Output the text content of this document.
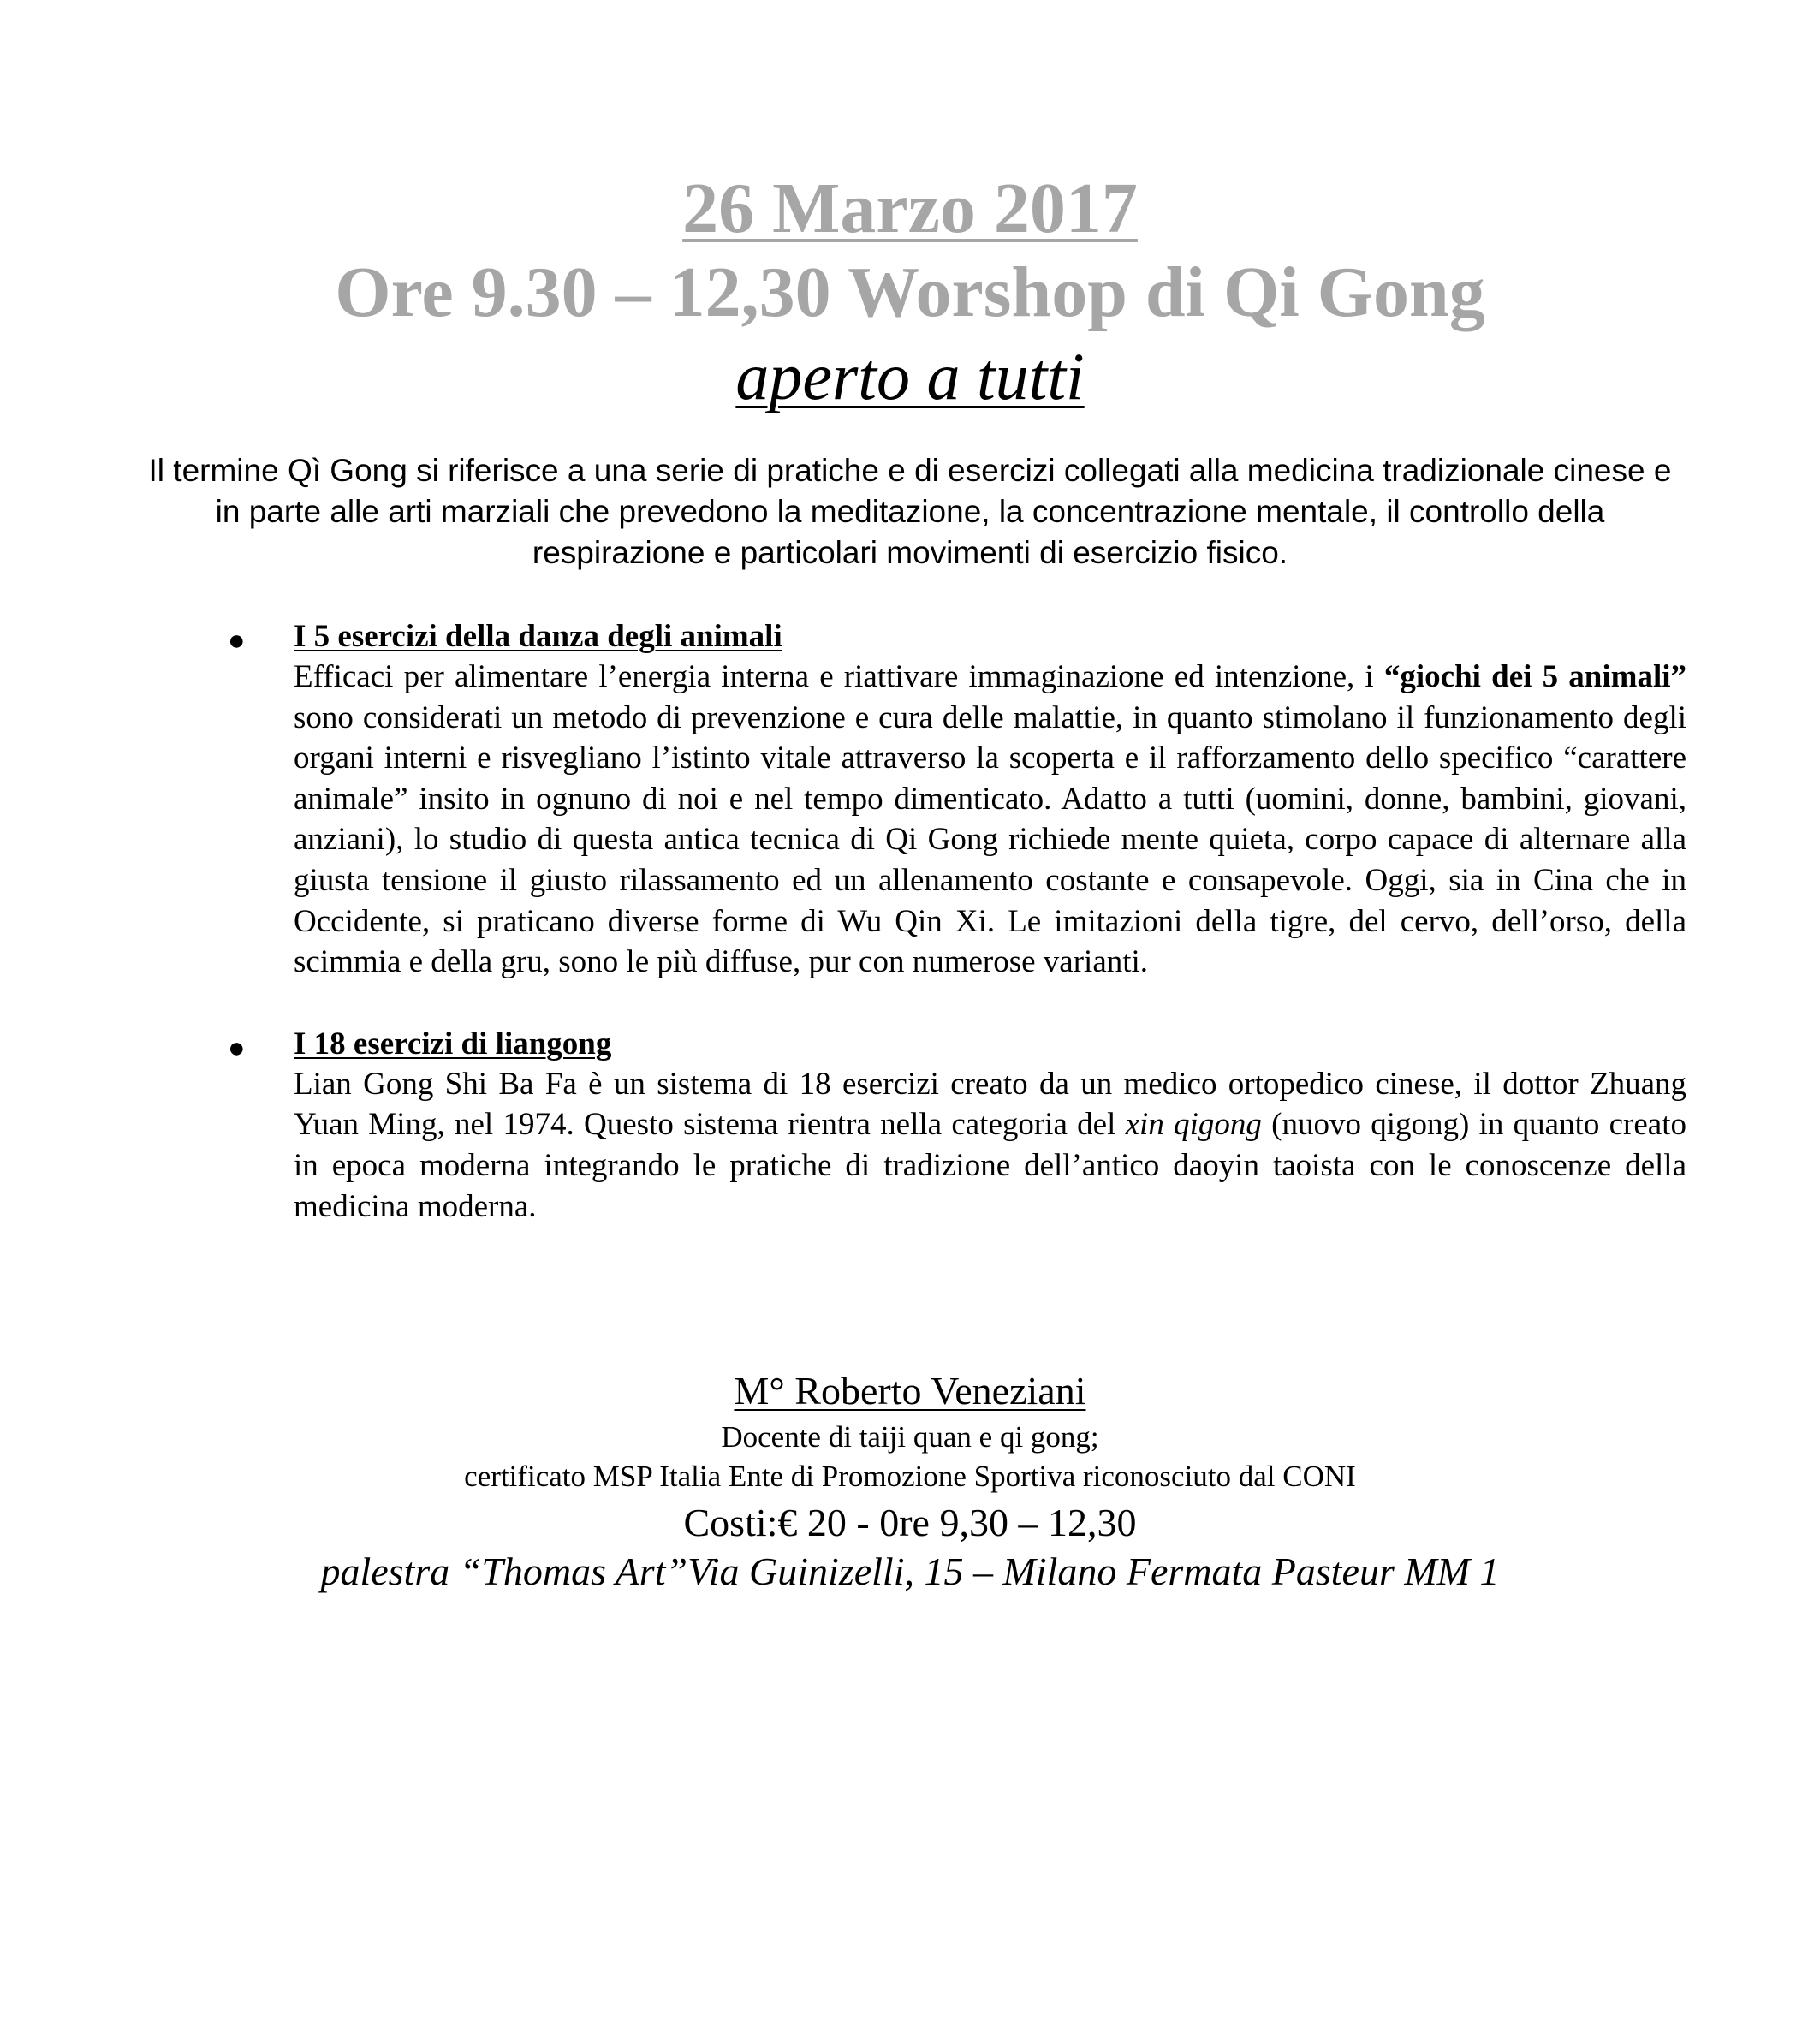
26 Marzo 2017
Ore 9.30 – 12,30 Worshop di Qi Gong
aperto a tutti
Il termine Qì Gong si riferisce a una serie di pratiche e di esercizi collegati alla medicina tradizionale cinese e in parte alle arti marziali che prevedono la meditazione, la concentrazione mentale, il controllo della respirazione e particolari movimenti di esercizio fisico.
● I 5 esercizi della danza degli animali

Efficaci per alimentare l’energia interna e riattivare immaginazione ed intenzione, i “giochi dei 5 animali” sono considerati un metodo di prevenzione e cura delle malattie, in quanto stimolano il funzionamento degli organi interni e risvegliano l’istinto vitale attraverso la scoperta e il rafforzamento dello specifico “carattere animale” insito in ognuno di noi e nel tempo dimenticato. Adatto a tutti (uomini, donne, bambini, giovani, anziani), lo studio di questa antica tecnica di Qi Gong richiede mente quieta, corpo capace di alternare alla giusta tensione il giusto rilassamento ed un allenamento costante e consapevole. Oggi, sia in Cina che in Occidente, si praticano diverse forme di Wu Qin Xi. Le imitazioni della tigre, del cervo, dell’orso, della scimmia e della gru, sono le più diffuse, pur con numerose varianti.

● I 18 esercizi di liangong

Lian Gong Shi Ba Fa è un sistema di 18 esercizi creato da un medico ortopedico cinese, il dottor Zhuang Yuan Ming, nel 1974. Questo sistema rientra nella categoria del xin qigong (nuovo qigong) in quanto creato in epoca moderna integrando le pratiche di tradizione dell’antico daoyin taoista con le conoscenze della medicina moderna.

M° Roberto Veneziani
Docente di taiji quan e qi gong;
certificato MSP Italia Ente di Promozione Sportiva riconosciuto dal CONI
Costi:€ 20 - 0re 9,30 – 12,30
palestra “Thomas Art”Via Guinizelli, 15 – Milano Fermata Pasteur MM 1
